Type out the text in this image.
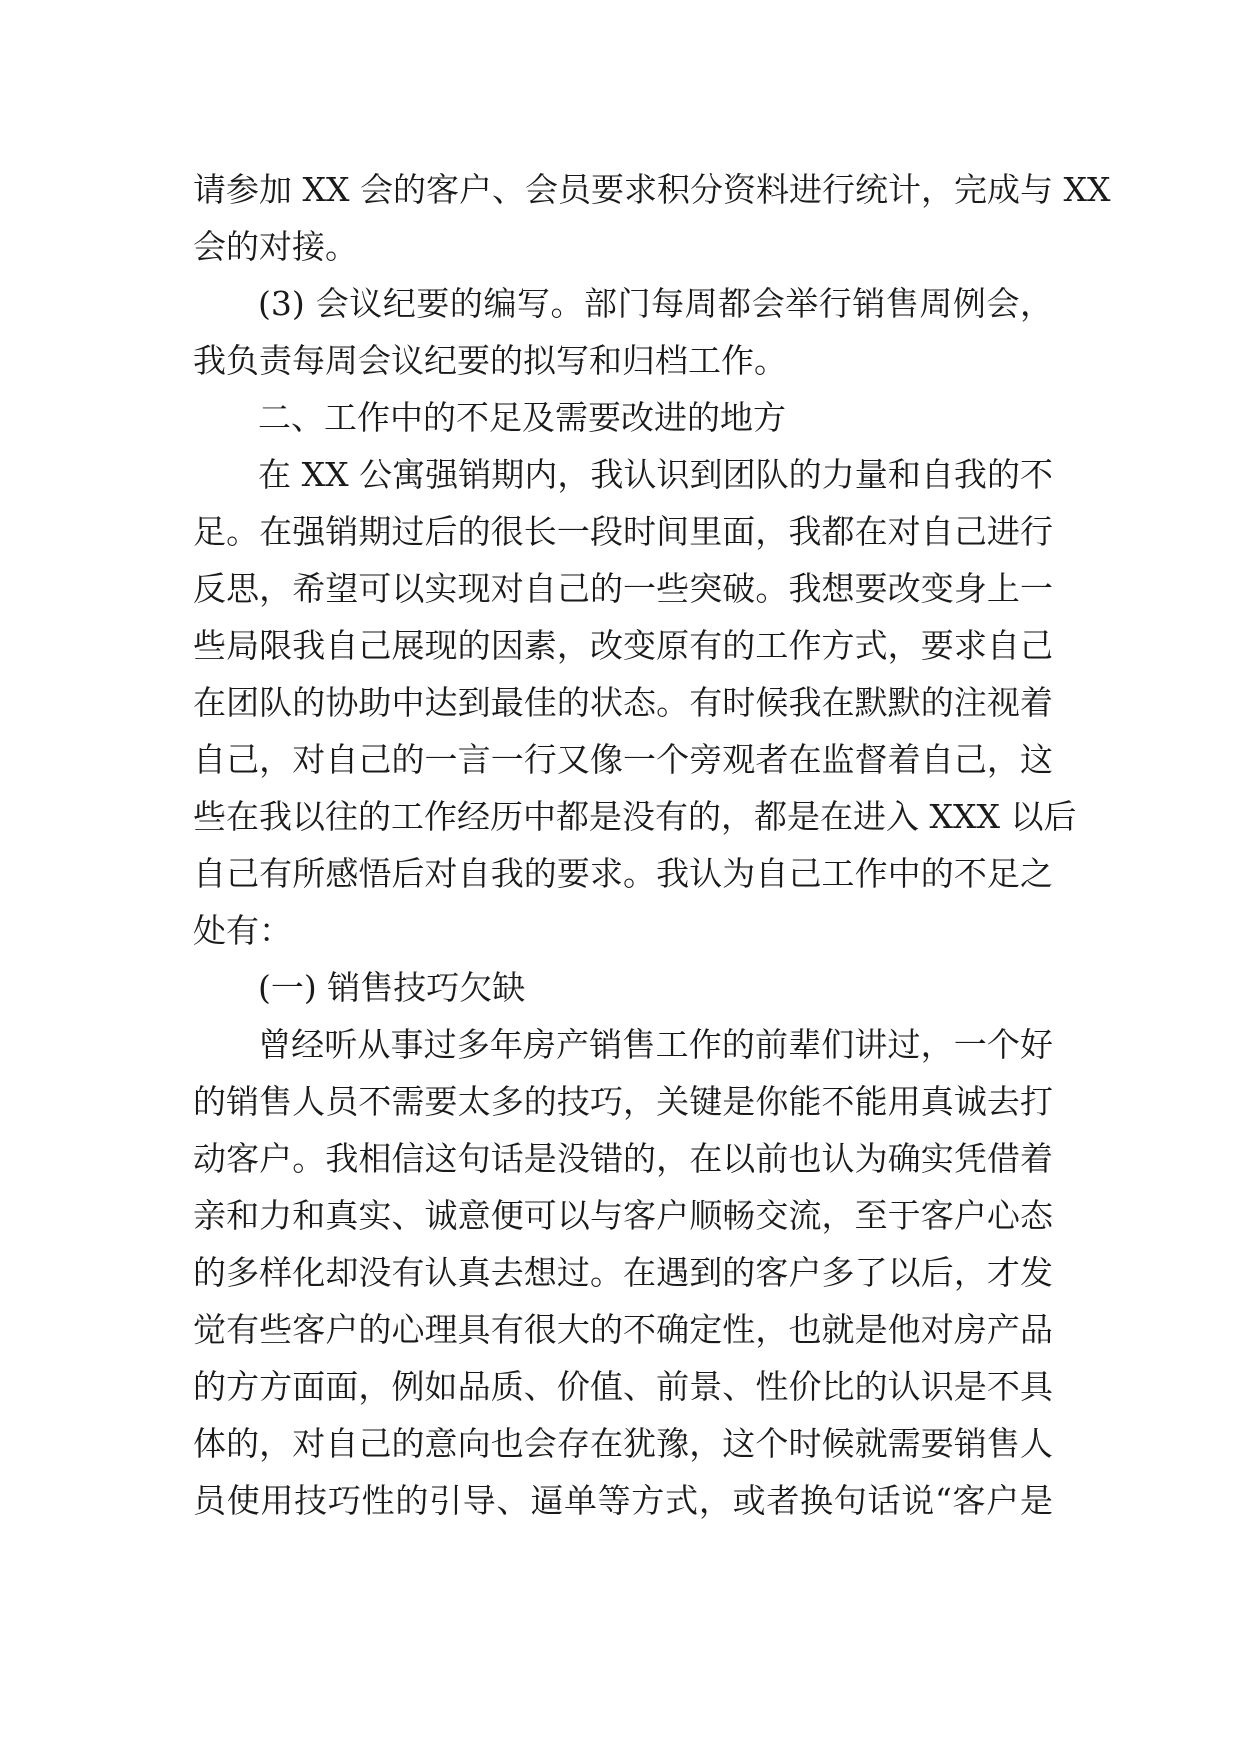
请参加 XX 会的客户、会员要求积分资料进行统计，完成与 XX
会的对接。
(3) 会议纪要的编写。部门每周都会举行销售周例会，
我负责每周会议纪要的拟写和归档工作。
二、工作中的不足及需要改进的地方
在 XX 公寓强销期内，我认识到团队的力量和自我的不
足。在强销期过后的很长一段时间里面，我都在对自己进行
反思，希望可以实现对自己的一些突破。我想要改变身上一
些局限我自己展现的因素，改变原有的工作方式，要求自己
在团队的协助中达到最佳的状态。有时候我在默默的注视着
自己，对自己的一言一行又像一个旁观者在监督着自己，这
些在我以往的工作经历中都是没有的，都是在进入 XXX 以后
自己有所感悟后对自我的要求。我认为自己工作中的不足之
处有：
(一) 销售技巧欠缺
曾经听从事过多年房产销售工作的前辈们讲过，一个好
的销售人员不需要太多的技巧，关键是你能不能用真诚去打
动客户。我相信这句话是没错的，在以前也认为确实凭借着
亲和力和真实、诚意便可以与客户顺畅交流，至于客户心态
的多样化却没有认真去想过。在遇到的客户多了以后，才发
觉有些客户的心理具有很大的不确定性，也就是他对房产品
的方方面面，例如品质、价值、前景、性价比的认识是不具
体的，对自己的意向也会存在犹豫，这个时候就需要销售人
员使用技巧性的引导、逼单等方式，或者换句话说“客户是
